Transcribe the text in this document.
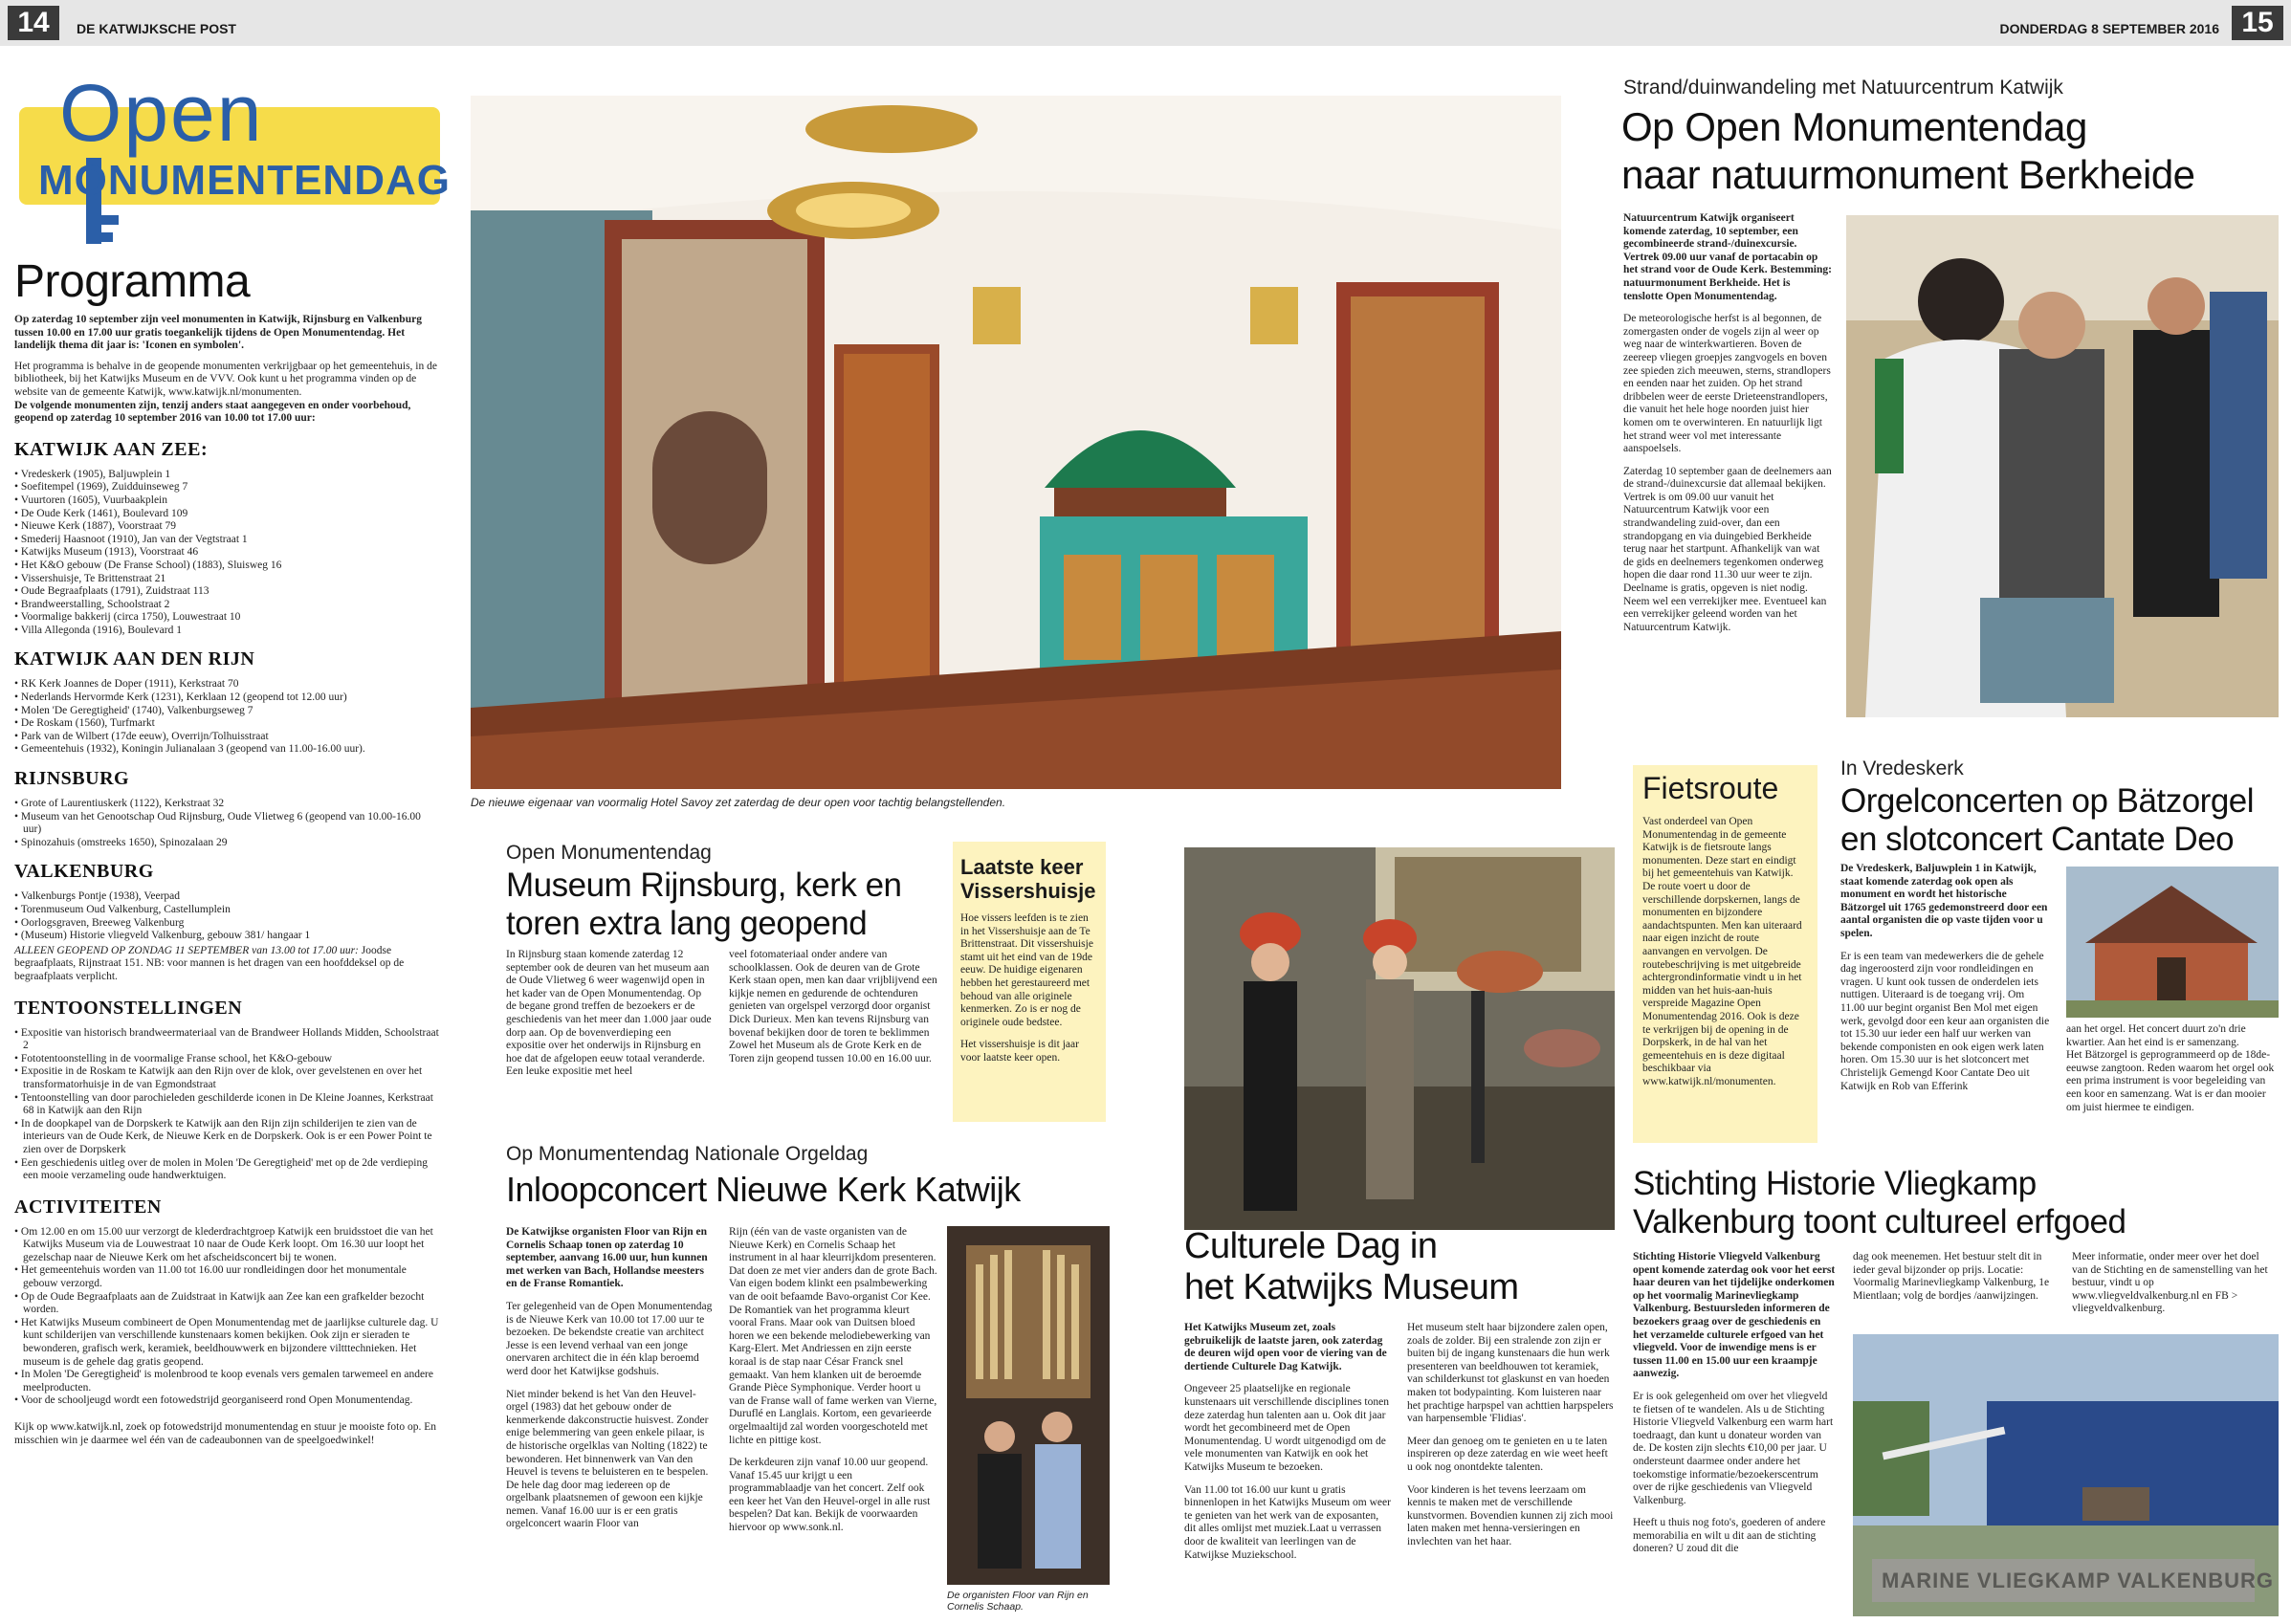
14	DE KATWIJKSCHE POST	DONDERDAG 8 SEPTEMBER 2016 15
Open
MONUMENTENDAG
Programma
Op zaterdag 10 september zijn veel monumenten in Katwijk, Rijnsburg en Valkenburg tussen 10.00 en 17.00 uur gratis toegankelijk tijdens de Open Monumentendag. Het landelijk thema dit jaar is: 'Iconen en symbolen'.
Het programma is behalve in de geopende monumenten verkrijgbaar op het gemeentehuis, in de bibliotheek, bij het Katwijks Museum en de VVV. Ook kunt u het programma vinden op de website van de gemeente Katwijk, www.katwijk.nl/monumenten.
De volgende monumenten zijn, tenzij anders staat aangegeven en onder voorbehoud, geopend op zaterdag 10 september 2016 van 10.00 tot 17.00 uur:
KATWIJK AAN ZEE:
• Vredeskerk (1905), Baljuwplein 1
• Soefitempel (1969), Zuidduinseweg 7
• Vuurtoren (1605), Vuurbaakplein
• De Oude Kerk (1461), Boulevard 109
• Nieuwe Kerk (1887), Voorstraat 79
• Smederij Haasnoot (1910), Jan van der Vegtstraat 1
• Katwijks Museum (1913), Voorstraat 46
• Het K&O gebouw (De Franse School) (1883), Sluisweg 16
• Vissershuisje, Te Brittenstraat 21
• Oude Begraafplaats (1791), Zuidstraat 113
• Brandweerstalling, Schoolstraat 2
• Voormalige bakkerij (circa 1750), Louwestraat 10
• Villa Allegonda (1916), Boulevard 1
KATWIJK AAN DEN RIJN
• RK Kerk Joannes de Doper (1911), Kerkstraat 70
• Nederlands Hervormde Kerk (1231), Kerklaan 12 (geopend tot 12.00 uur)
• Molen 'De Geregtigheid' (1740), Valkenburgseweg 7
• De Roskam (1560), Turfmarkt
• Park van de Wilbert (17de eeuw), Overrijn/Tolhuisstraat
• Gemeentehuis (1932), Koningin Julianalaan 3 (geopend van 11.00-16.00 uur).
RIJNSBURG
• Grote of Laurentiuskerk (1122), Kerkstraat 32
• Museum van het Genootschap Oud Rijnsburg, Oude Vlietweg 6 (geopend van 10.00-16.00 uur)
• Spinozahuis (omstreeks 1650), Spinozalaan 29
VALKENBURG
• Valkenburgs Pontje (1938), Veerpad
• Torenmuseum Oud Valkenburg, Castellumplein
• Oorlogsgraven, Breeweg Valkenburg
• (Museum) Historie vliegveld Valkenburg, gebouw 381/ hangaar 1
ALLEEN GEOPEND OP ZONDAG 11 SEPTEMBER van 13.00 tot 17.00 uur: Joodse begraafplaats, Rijnstraat 151. NB: voor mannen is het dragen van een hoofddeksel op de begraafplaats verplicht.
TENTOONSTELLINGEN
• Expositie van historisch brandweermateriaal van de Brandweer Hollands Midden, Schoolstraat 2
• Fototentoonstelling in de voormalige Franse school, het K&O-gebouw
• Expositie in de Roskam te Katwijk aan den Rijn over de klok, over gevelstenen en over het transformatorhuisje in de van Egmondstraat
• Tentoonstelling van door parochieleden geschilderde iconen in De Kleine Joannes, Kerkstraat 68 in Katwijk aan den Rijn
• In de doopkapel van de Dorpskerk te Katwijk aan den Rijn zijn schilderijen te zien van de interieurs van de Oude Kerk, de Nieuwe Kerk en de Dorpskerk. Ook is er een Power Point te zien over de Dorpskerk
• Een geschiedenis uitleg over de molen in Molen 'De Geregtigheid' met op de 2de verdieping een mooie verzameling oude handwerktuigen.
ACTIVITEITEN
• Om 12.00 en om 15.00 uur verzorgt de klederdrachtgroep Katwijk een bruidsstoet die van het Katwijks Museum via de Louwestraat 10 naar de Oude Kerk loopt. Om 16.30 uur loopt het gezelschap naar de Nieuwe Kerk om het afscheidsconcert bij te wonen.
• Het gemeentehuis worden van 11.00 tot 16.00 uur rondleidingen door het monumentale gebouw verzorgd.
• Op de Oude Begraafplaats aan de Zuidstraat in Katwijk aan Zee kan een grafkelder bezocht worden.
• Het Katwijks Museum combineert de Open Monumentendag met de jaarlijkse culturele dag. U kunt schilderijen van verschillende kunstenaars komen bekijken. Ook zijn er sieraden te bewonderen, grafisch werk, keramiek, beeldhouwwerk en bijzondere viltttechnieken. Het museum is de gehele dag gratis geopend.
• In Molen 'De Geregtigheid' is molenbrood te koop evenals vers gemalen tarwemeel en andere meelproducten.
• Voor de schooljeugd wordt een fotowedstrijd georganiseerd rond Open Monumentendag.
Kijk op www.katwijk.nl, zoek op fotowedstrijd monumentendag en stuur je mooiste foto op. En misschien win je daarmee wel één van de cadeaubonnen van de speelgoedwinkel!
De nieuwe eigenaar van voormalig Hotel Savoy zet zaterdag de deur open voor tachtig belangstellenden.
Open Monumentendag
Museum Rijnsburg, kerk en
toren extra lang geopend
In Rijnsburg staan komende zaterdag 12 september ook de deuren van het museum aan de Oude Vlietweg 6 weer wagenwijd open in het kader van de Open Monumentendag. Op de begane grond treffen de bezoekers er de geschiedenis van het meer dan 1.000 jaar oude dorp aan. Op de bovenverdieping een expositie over het onderwijs in Rijnsburg en hoe dat de afgelopen eeuw totaal veranderde. Een leuke expositie met heel
veel fotomateriaal onder andere van schoolklassen. Ook de deuren van de Grote Kerk staan open, men kan daar vrijblijvend een kijkje nemen en gedurende de ochtenduren genieten van orgelspel verzorgd door organist Dick Durieux. Men kan tevens Rijnsburg van bovenaf bekijken door de toren te beklimmen Zowel het Museum als de Grote Kerk en de Toren zijn geopend tussen 10.00 en 16.00 uur.
Laatste keer
Vissershuisje
Hoe vissers leefden is te zien in het Vissershuisje aan de Te Brittenstraat. Dit vissershuisje stamt uit het eind van de 19de eeuw. De huidige eigenaren hebben het gerestaureerd met behoud van alle originele kenmerken. Zo is er nog de originele oude bedstee.
Het vissershuisje is dit jaar voor laatste keer open.
Op Monumentendag Nationale Orgeldag
Inloopconcert Nieuwe Kerk Katwijk
De Katwijkse organisten Floor van Rijn en Cornelis Schaap tonen op zaterdag 10 september, aanvang 16.00 uur, hun kunnen met werken van Bach, Hollandse meesters en de Franse Romantiek.
Ter gelegenheid van de Open Monumentendag is de Nieuwe Kerk van 10.00 tot 17.00 uur te bezoeken. De bekendste creatie van architect Jesse is een levend verhaal van een jonge onervaren architect die in één klap beroemd werd door het Katwijkse godshuis.
Niet minder bekend is het Van den Heuvel-orgel (1983) dat het gebouw onder de kenmerkende dakconstructie huisvest. Zonder enige belemmering van geen enkele pilaar, is de historische orgelklas van Nolting (1822) te bewonderen. Het binnenwerk van Van den Heuvel is tevens te beluisteren en te bespelen. De hele dag door mag iedereen op de orgelbank plaatsnemen of gewoon een kijkje nemen. Vanaf 16.00 uur is er een gratis orgelconcert waarin Floor van
Rijn (één van de vaste organisten van de Nieuwe Kerk) en Cornelis Schaap het instrument in al haar kleurrijkdom presenteren. Dat doen ze met vier anders dan de grote Bach. Van eigen bodem klinkt een psalmbewerking van de ooit befaamde Bavo-organist Cor Kee. De Romantiek van het programma kleurt vooral Frans. Maar ook van Duitsen bloed horen we een bekende melodiebewerking van Karg-Elert. Met Andriessen en zijn eerste koraal is de stap naar César Franck snel gemaakt. Van hem klanken uit de beroemde Grande Pièce Symphonique. Verder hoort u van de Franse wall of fame werken van Vierne, Duruflé en Langlais. Kortom, een gevarieerde orgelmaaltijd zal worden voorgeschoteld met lichte en pittige kost.
De kerkdeuren zijn vanaf 10.00 uur geopend. Vanaf 15.45 uur krijgt u een programmablaadje van het concert. Zelf ook een keer het Van den Heuvel-orgel in alle rust bespelen? Dat kan. Bekijk de voorwaarden hiervoor op www.sonk.nl.
De organisten Floor van Rijn en Cornelis Schaap.
Culturele Dag in
het Katwijks Museum
Het Katwijks Museum zet, zoals gebruikelijk de laatste jaren, ook zaterdag de deuren wijd open voor de viering van de dertiende Culturele Dag Katwijk.
Ongeveer 25 plaatselijke en regionale kunstenaars uit verschillende disciplines tonen deze zaterdag hun talenten aan u. Ook dit jaar wordt het gecombineerd met de Open Monumentendag. U wordt uitgenodigd om de vele monumenten van Katwijk en ook het Katwijks Museum te bezoeken.
Van 11.00 tot 16.00 uur kunt u gratis binnenlopen in het Katwijks Museum om weer te genieten van het werk van de exposanten, dit alles omlijst met muziek.Laat u verrassen door de kwaliteit van leerlingen van de Katwijkse Muziekschool.
Het museum stelt haar bijzondere zalen open, zoals de zolder. Bij een stralende zon zijn er buiten bij de ingang kunstenaars die hun werk presenteren van beeldhouwen tot keramiek, van schilderkunst tot glaskunst en van hoeden maken tot bodypainting. Kom luisteren naar het prachtige harpspel van achttien harpspelers van harpensemble 'Flidias'.
Meer dan genoeg om te genieten en u te laten inspireren op deze zaterdag en wie weet heeft u ook nog onontdekte talenten.
Voor kinderen is het tevens leerzaam om kennis te maken met de verschillende kunstvormen. Bovendien kunnen zij zich mooi laten maken met henna-versieringen en invlechten van het haar.
Fietsroute
Vast onderdeel van Open Monumentendag in de gemeente Katwijk is de fietsroute langs monumenten. Deze start en eindigt bij het gemeentehuis van Katwijk. De route voert u door de verschillende dorpskernen, langs de monumenten en bijzondere aandachtspunten. Men kan uiteraard naar eigen inzicht de route aanvangen en vervolgen. De routebeschrijving is met uitgebreide achtergrondinformatie vindt u in het midden van het huis-aan-huis verspreide Magazine Open Monumentendag 2016. Ook is deze te verkrijgen bij de opening in de Dorpskerk, in de hal van het gemeentehuis en is deze digitaal beschikbaar via www.katwijk.nl/monumenten.
Strand/duinwandeling met Natuurcentrum Katwijk
Op Open Monumentendag
naar natuurmonument Berkheide
Natuurcentrum Katwijk organiseert komende zaterdag, 10 september, een gecombineerde strand-/duinexcursie. Vertrek 09.00 uur vanaf de portacabin op het strand voor de Oude Kerk. Bestemming: natuurmonument Berkheide. Het is tenslotte Open Monumentendag.
De meteorologische herfst is al begonnen, de zomergasten onder de vogels zijn al weer op weg naar de winterkwartieren. Boven de zeereep vliegen groepjes zangvogels en boven zee spieden zich meeuwen, sterns, strandlopers en eenden naar het zuiden. Op het strand dribbelen weer de eerste Drieteenstrandlopers, die vanuit het hele hoge noorden juist hier komen om te overwinteren. En natuurlijk ligt het strand weer vol met interessante aanspoelsels.
Zaterdag 10 september gaan de deelnemers aan de strand-/duinexcursie dat allemaal bekijken. Vertrek is om 09.00 uur vanuit het Natuurcentrum Katwijk voor een strandwandeling zuid-over, dan een strandopgang en via duingebied Berkheide terug naar het startpunt. Afhankelijk van wat de gids en deelnemers tegenkomen onderweg hopen die daar rond 11.30 uur weer te zijn. Deelname is gratis, opgeven is niet nodig. Neem wel een verrekijker mee. Eventueel kan een verrekijker geleend worden van het Natuurcentrum Katwijk.
In Vredeskerk
Orgelconcerten op Bätzorgel
en slotconcert Cantate Deo
De Vredeskerk, Baljuwplein 1 in Katwijk, staat komende zaterdag ook open als monument en wordt het historische Bätzorgel uit 1765 gedemonstreerd door een aantal organisten die op vaste tijden voor u spelen.
Er is een team van medewerkers die de gehele dag ingeroosterd zijn voor rondleidingen en vragen. U kunt ook tussen de onderdelen iets nuttigen. Uiteraard is de toegang vrij. Om 11.00 uur begint organist Ben Mol met eigen werk, gevolgd door een keur aan organisten die tot 15.30 uur ieder een half uur werken van bekende componisten en ook eigen werk laten horen. Om 15.30 uur is het slotconcert met Christelijk Gemengd Koor Cantate Deo uit Katwijk en Rob van Efferink
aan het orgel. Het concert duurt zo'n drie kwartier. Aan het eind is er samenzang.
Het Bätzorgel is geprogrammeerd op de 18de-eeuwse zangtoon. Reden waarom het orgel ook een prima instrument is voor begeleiding van een koor en samenzang. Wat is er dan mooier om juist hiermee te eindigen.
Stichting Historie Vliegkamp
Valkenburg toont cultureel erfgoed
Stichting Historie Vliegveld Valkenburg opent komende zaterdag ook voor het eerst haar deuren van het tijdelijke onderkomen op het voormalig Marinevliegkamp Valkenburg. Bestuursleden informeren de bezoekers graag over de geschiedenis en het verzamelde culturele erfgoed van het vliegveld. Voor de inwendige mens is er tussen 11.00 en 15.00 uur een kraampje aanwezig.
Er is ook gelegenheid om over het vliegveld te fietsen of te wandelen. Als u de Stichting Historie Vliegveld Valkenburg een warm hart toedraagt, dan kunt u donateur worden van de. De kosten zijn slechts €10,00 per jaar. U ondersteunt daarmee onder andere het toekomstige informatie/bezoekerscentrum over de rijke geschiedenis van Vliegveld Valkenburg.
Heeft u thuis nog foto's, goederen of andere memorabilia en wilt u dit aan de stichting doneren? U zoud dit die
dag ook meenemen. Het bestuur stelt dit in ieder geval bijzonder op prijs. Locatie: Voormalig Marinevliegkamp Valkenburg, 1e Mientlaan; volg de bordjes /aanwijzingen.
Meer informatie, onder meer over het doel van de Stichting en de samenstelling van het bestuur, vindt u op www.vliegveldvalkenburg.nl en FB > vliegveldvalkenburg.
MARINE VLIEGKAMP VALKENBURG
